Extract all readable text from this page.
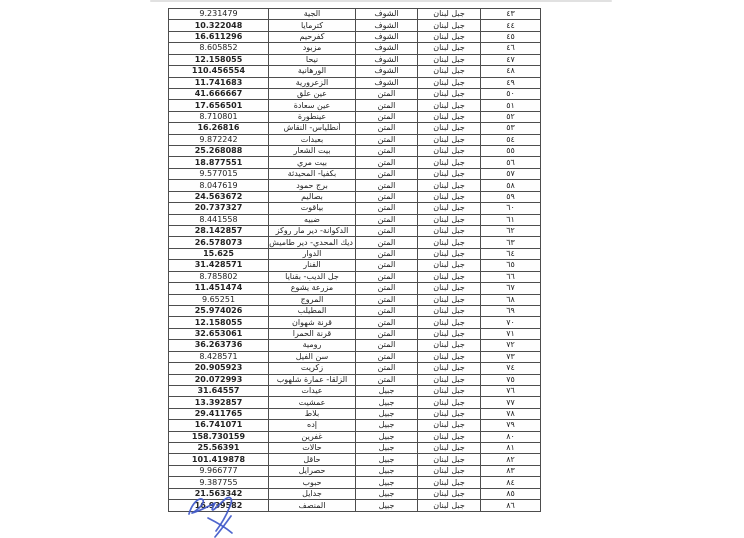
٤٣	جبل لبنان	الشوف	الجية	9.231479
٤٤	جبل لبنان	الشوف	كترمايا	10.322048
٤٥	جبل لبنان	الشوف	كفرحيم	16.611296
٤٦	جبل لبنان	الشوف	مزبود	8.605852
٤٧	جبل لبنان	الشوف	نيحا	12.158055
٤٨	جبل لبنان	الشوف	الورهانية	110.456554
٤٩	جبل لبنان	الشوف	الزعرورية	11.741683
٥٠	جبل لبنان	المتن	عين علق	41.666667
٥١	جبل لبنان	المتن	عين سعادة	17.656501
٥٢	جبل لبنان	المتن	عينطورة	8.710801
٥٣	جبل لبنان	المتن	أنطلياس- النقاش	16.26816
٥٤	جبل لبنان	المتن	بعبدات	9.872242
٥٥	جبل لبنان	المتن	بيت الشعار	25.268088
٥٦	جبل لبنان	المتن	بيت مري	18.877551
٥٧	جبل لبنان	المتن	بكفيا- المحيدثة	9.577015
٥٨	جبل لبنان	المتن	برج حمود	8.047619
٥٩	جبل لبنان	المتن	بصاليم	24.563672
٦٠	جبل لبنان	المتن	بياقوت	20.737327
٦١	جبل لبنان	المتن	ضبيه	8.441558
٦٢	جبل لبنان	المتن	الدكوانة- دير مار روكز	28.142857
٦٣	جبل لبنان	المتن	ديك المحدي- دير طاميش	26.578073
٦٤	جبل لبنان	المتن	الدوار	15.625
٦٥	جبل لبنان	المتن	الفنار	31.428571
٦٦	جبل لبنان	المتن	جل الديب- بقنايا	8.785802
٦٧	جبل لبنان	المتن	مزرعة يشوع	11.451474
٦٨	جبل لبنان	المتن	المروج	9.65251
٦٩	جبل لبنان	المتن	المطيلب	25.974026
٧٠	جبل لبنان	المتن	قرنة شهوان	12.158055
٧١	جبل لبنان	المتن	قرنة الحمرا	32.653061
٧٢	جبل لبنان	المتن	رومية	36.263736
٧٣	جبل لبنان	المتن	سن الفيل	8.428571
٧٤	جبل لبنان	المتن	زكريت	20.905923
٧٥	جبل لبنان	المتن	الزلقا- عمارة شلهوب	20.072993
٧٦	جبل لبنان	جبيل	عيدات	31.64557
٧٧	جبل لبنان	جبيل	عمشيت	13.392857
٧٨	جبل لبنان	جبيل	بلاط	29.411765
٧٩	جبل لبنان	جبيل	إده	16.741071
٨٠	جبل لبنان	جبيل	غفرين	158.730159
٨١	جبل لبنان	جبيل	حالات	25.56391
٨٢	جبل لبنان	جبيل	حاقل	101.419878
٨٣	جبل لبنان	جبيل	حصرايل	9.966777
٨٤	جبل لبنان	جبيل	حبوب	9.387755
٨٥	جبل لبنان	جبيل	جدايل	21.563342
٨٦	جبل لبنان	جبيل	المنصف	16.939582
